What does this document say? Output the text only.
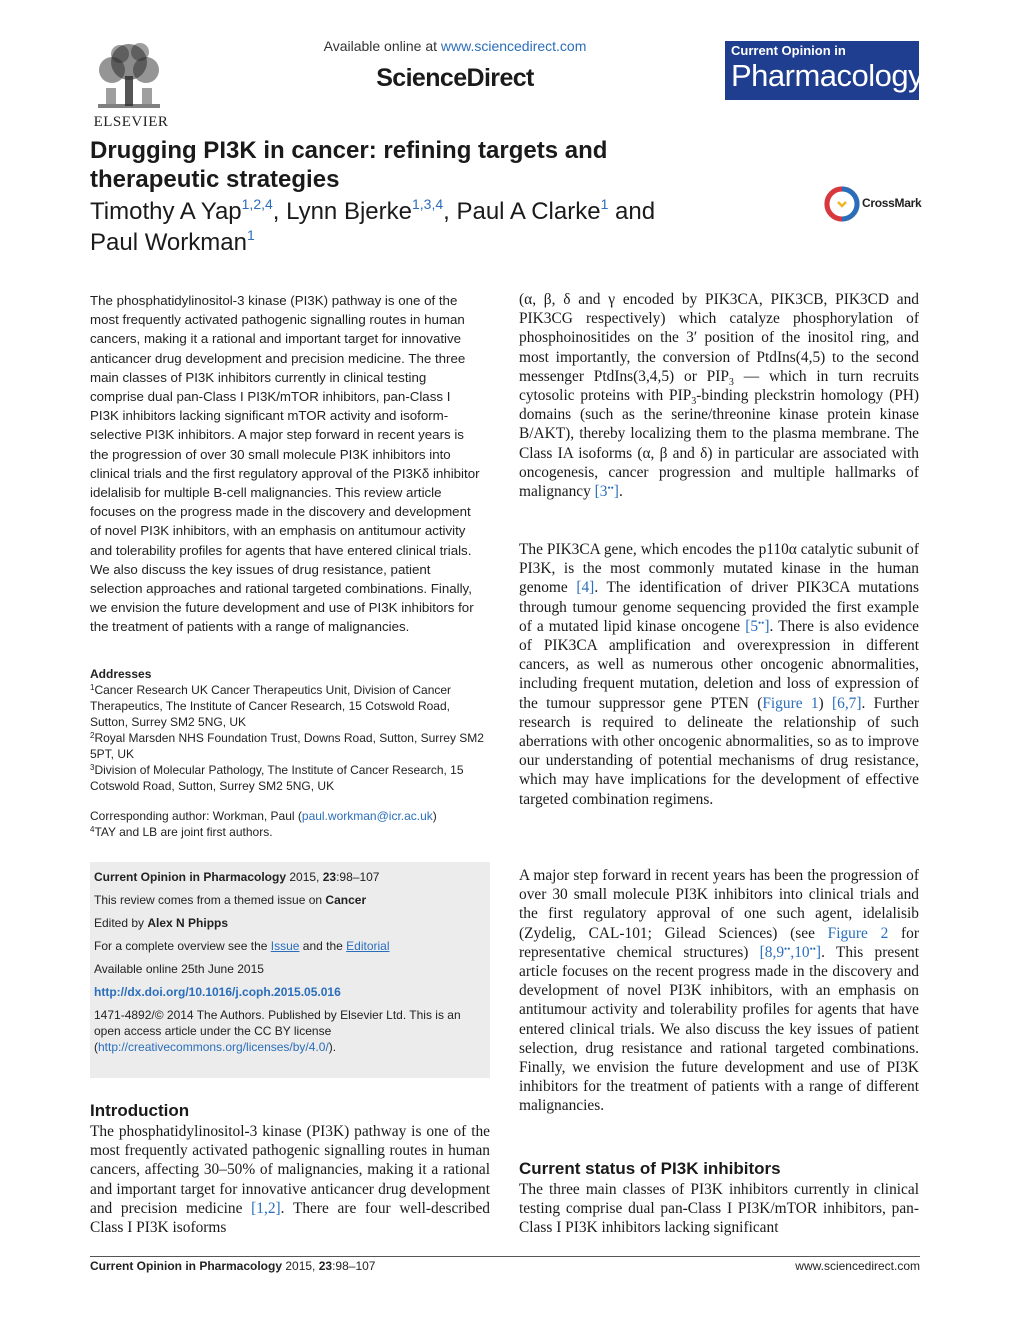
ELSEVIER
Available online at www.sciencedirect.com
ScienceDirect
Current Opinion in
Pharmacology
Drugging PI3K in cancer: refining targets and therapeutic strategies
Timothy A Yap$^{1,2,4}$, Lynn Bjerke$^{1,3,4}$, Paul A Clarke$^1$ and
Paul Workman$^1$
CrossMark

The phosphatidylinositol-3 kinase (PI3K) pathway is one of the most frequently activated pathogenic signalling routes in human cancers, making it a rational and important target for innovative anticancer drug development and precision medicine. The three main classes of PI3K inhibitors currently in clinical testing comprise dual pan-Class I PI3K/mTOR inhibitors, pan-Class I PI3K inhibitors lacking significant mTOR activity and isoform-selective PI3K inhibitors. A major step forward in recent years is the progression of over 30 small molecule PI3K inhibitors into clinical trials and the first regulatory approval of the PI3Kδ inhibitor idelalisib for multiple B-cell malignancies. This review article focuses on the progress made in the discovery and development of novel PI3K inhibitors, with an emphasis on antitumour activity and tolerability profiles for agents that have entered clinical trials. We also discuss the key issues of drug resistance, patient selection approaches and rational targeted combinations. Finally, we envision the future development and use of PI3K inhibitors for the treatment of patients with a range of malignancies.

Addresses
$^1$Cancer Research UK Cancer Therapeutics Unit, Division of Cancer Therapeutics, The Institute of Cancer Research, 15 Cotswold Road, Sutton, Surrey SM2 5NG, UK
$^2$Royal Marsden NHS Foundation Trust, Downs Road, Sutton, Surrey SM2 5PT, UK
$^3$Division of Molecular Pathology, The Institute of Cancer Research, 15 Cotswold Road, Sutton, Surrey SM2 5NG, UK
Corresponding author: Workman, Paul (paul.workman@icr.ac.uk)
$^4$TAY and LB are joint first authors.
Current Opinion in Pharmacology 2015, 23:98–107
This review comes from a themed issue on Cancer
Edited by Alex N Phipps
For a complete overview see the Issue and the Editorial
Available online 25th June 2015
http://dx.doi.org/10.1016/j.coph.2015.05.016
1471-4892/© 2014 The Authors. Published by Elsevier Ltd. This is an open access article under the CC BY license (http://creativecommons.org/licenses/by/4.0/).
Introduction

The phosphatidylinositol-3 kinase (PI3K) pathway is one of the most frequently activated pathogenic signalling routes in human cancers, affecting 30–50% of malignancies, making it a rational and important target for innovative anticancer drug development and precision medicine [1,2]. There are four well-described Class I PI3K isoforms

(α, β, δ and γ encoded by PIK3CA, PIK3CB, PIK3CD and PIK3CG respectively) which catalyze phosphorylation of phosphoinositides on the 3′ position of the inositol ring, and most importantly, the conversion of PtdIns(4,5) to the second messenger PtdIns(3,4,5) or $PIP_3$ — which in turn recruits cytosolic proteins with $PIP_3$-binding pleckstrin homology (PH) domains (such as the serine/threonine kinase protein kinase B/AKT), thereby localizing them to the plasma membrane. The Class IA isoforms (α, β and δ) in particular are associated with oncogenesis, cancer progression and multiple hallmarks of malignancy [3••].

The PIK3CA gene, which encodes the p110α catalytic subunit of PI3K, is the most commonly mutated kinase in the human genome [4]. The identification of driver PIK3CA mutations through tumour genome sequencing provided the first example of a mutated lipid kinase oncogene [5••]. There is also evidence of PIK3CA amplification and overexpression in different cancers, as well as numerous other oncogenic abnormalities, including frequent mutation, deletion and loss of expression of the tumour suppressor gene PTEN (Figure 1) [6,7]. Further research is required to delineate the relationship of such aberrations with other oncogenic abnormalities, so as to improve our understanding of potential mechanisms of drug resistance, which may have implications for the development of effective targeted combination regimens.

A major step forward in recent years has been the progression of over 30 small molecule PI3K inhibitors into clinical trials and the first regulatory approval of one such agent, idelalisib (Zydelig, CAL-101; Gilead Sciences) (see Figure 2 for representative chemical structures) [8,9••,10••]. This present article focuses on the recent progress made in the discovery and development of novel PI3K inhibitors, with an emphasis on antitumour activity and tolerability profiles for agents that have entered clinical trials. We also discuss the key issues of patient selection, drug resistance and rational targeted combinations. Finally, we envision the future development and use of PI3K inhibitors for the treatment of patients with a range of different malignancies.

Current status of PI3K inhibitors

The three main classes of PI3K inhibitors currently in clinical testing comprise dual pan-Class I PI3K/mTOR inhibitors, pan-Class I PI3K inhibitors lacking significant

Current Opinion in Pharmacology 2015, 23:98–107	www.sciencedirect.com
